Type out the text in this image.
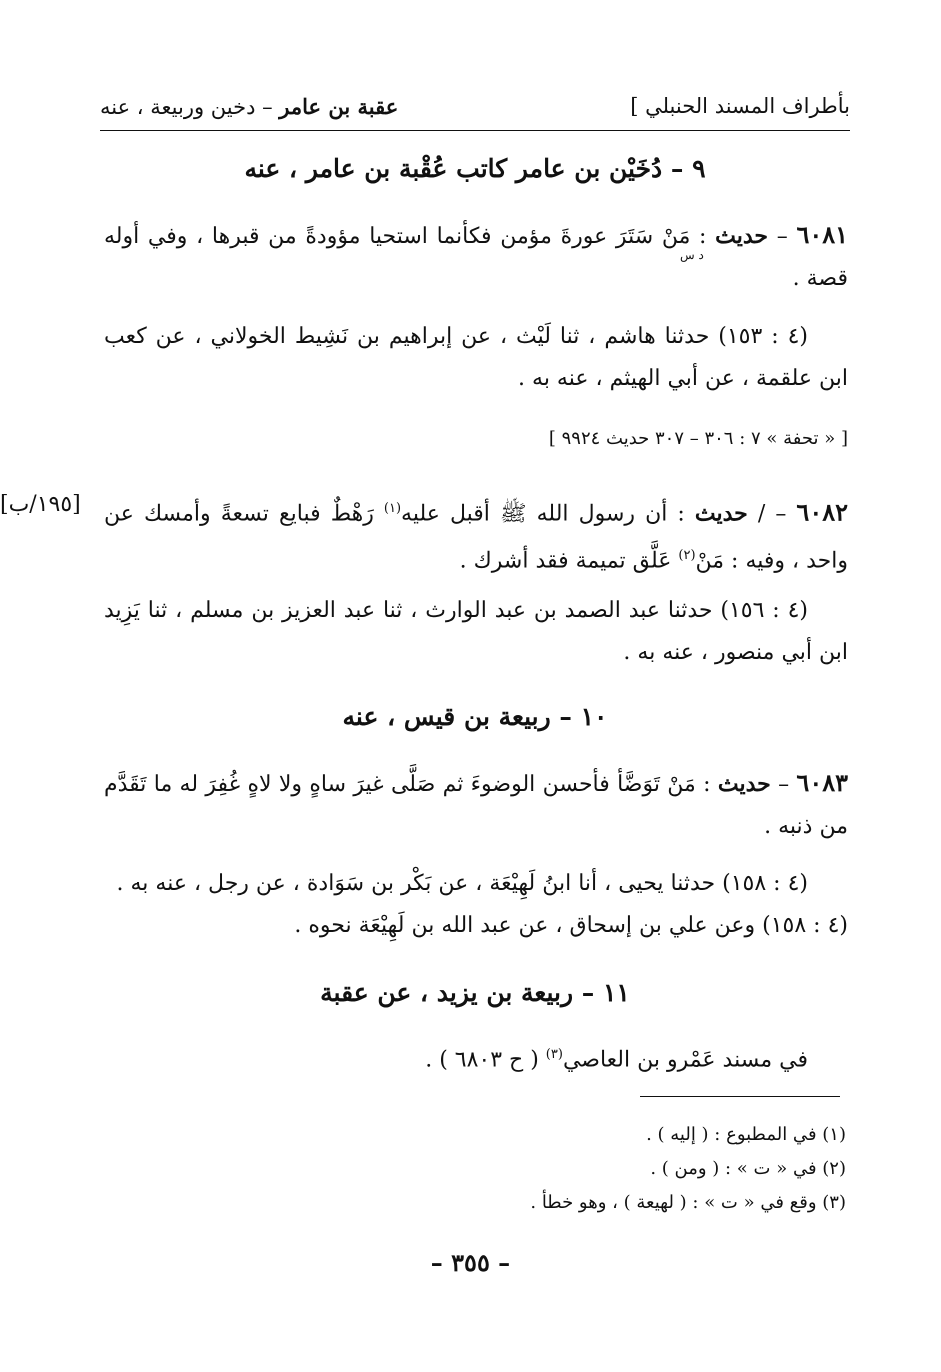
بأطراف المسند الحنبلي ]
عقبة بن عامر – دخين وربيعة ، عنه
٩ – دُخَيْن بن عامر كاتب عُقْبة بن عامر ، عنه
٦٠٨١ – حديث : مَنْ سَتَرَ عورةَ مؤمن فكأنما استحيا مؤودةً من قبرها ، وفي أوله قصة .
د س
(٤ : ١٥٣) حدثنا هاشم ، ثنا لَيْث ، عن إبراهيم بن نَشِيط الخولاني ، عن كعب ابن علقمة ، عن أبي الهيثم ، عنه به .
[ « تحفة » ٧ : ٣٠٦ – ٣٠٧ حديث ٩٩٢٤ ]
[١٩٥/ب]	٦٠٨٢ – / حديث : أن رسول الله ﷺ أقبل عليه$^{(١)}$ رَهْطٌ فبايع تسعةً وأمسك عن واحد ، وفيه : مَنْ$^{(٢)}$ عَلَّق تميمة فقد أشرك .
(٤ : ١٥٦) حدثنا عبد الصمد بن عبد الوارث ، ثنا عبد العزيز بن مسلم ، ثنا يَزِيد ابن أبي منصور ، عنه به .
١٠ – ربيعة بن قيس ، عنه
٦٠٨٣ – حديث : مَنْ تَوَضَّأ فأحسن الوضوءَ ثم صَلَّى غيرَ ساهٍ ولا لاهٍ غُفِرَ له ما تَقَدَّم من ذنبه .
(٤ : ١٥٨) حدثنا يحيى ، أنا ابنُ لَهِيْعَة ، عن بَكْر بن سَوَادة ، عن رجل ، عنه به .
(٤ : ١٥٨) وعن علي بن إسحاق ، عن عبد الله بن لَهِيْعَة نحوه .
١١ – ربيعة بن يزيد ، عن عقبة
في مسند عَمْرو بن العاصي$^{(٣)}$ ( ح ٦٨٠٣ ) .
(١) في المطبوع : ( إليه ) .
(٢) في « ت » : ( ومن ) .
(٣) وقع في « ت » : ( لهيعة ) ، وهو خطأ .
– ٣٥٥ –
